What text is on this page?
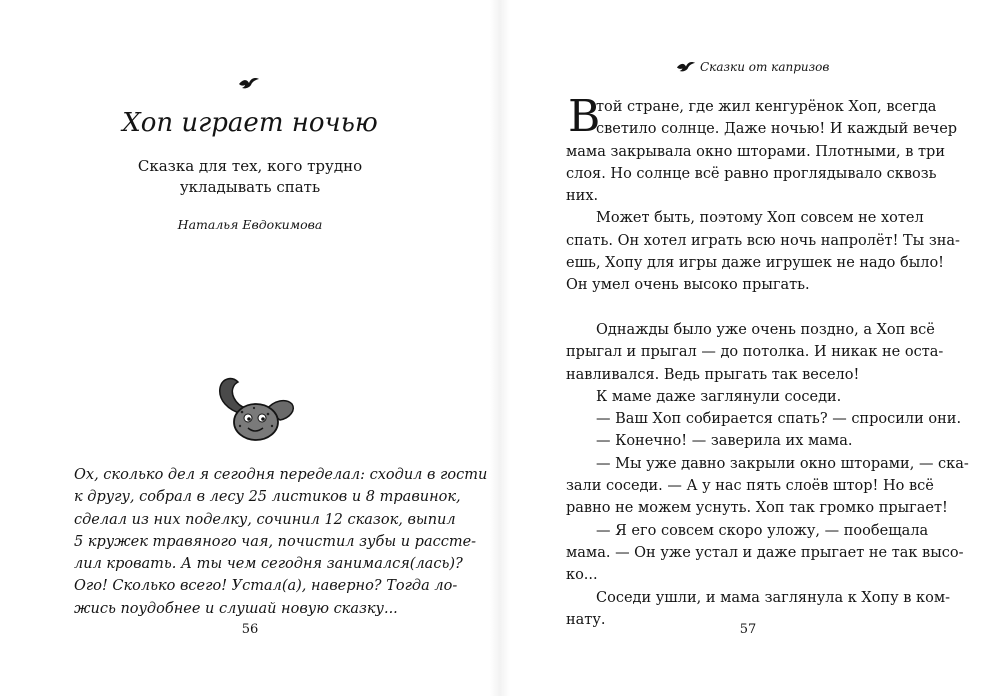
Хоп играет ночью

Сказка для тех, кого трудно
укладывать спать

Наталья Евдокимова

Ох, сколько дел я сегодня переделал: сходил в гости
к другу, собрал в лесу 25 листиков и 8 травинок,
сделал из них поделку, сочинил 12 сказок, выпил
5 кружек травяного чая, почистил зубы и рассте-
лил кровать. А ты чем сегодня занимался(лась)?
Ого! Сколько всего! Устал(а), наверно? Тогда ло-
жись поудобнее и слушай новую сказку...

56
Сказки от капризов
В
той стране, где жил кенгурёнок Хоп, всегда
светило солнце. Даже ночью! И каждый вечер
мама закрывала окно шторами. Плотными, в три
слоя. Но солнце всё равно проглядывало сквозь
них.
Может быть, поэтому Хоп совсем не хотел
спать. Он хотел играть всю ночь напролёт! Ты зна-
ешь, Хопу для игры даже игрушек не надо было!
Он умел очень высоко прыгать.
Однажды было уже очень поздно, а Хоп всё
прыгал и прыгал — до потолка. И никак не оста-
навливался. Ведь прыгать так весело!
К маме даже заглянули соседи.
— Ваш Хоп собирается спать? — спросили они.
— Конечно! — заверила их мама.
— Мы уже давно закрыли окно шторами, — ска-
зали соседи. — А у нас пять слоёв штор! Но всё
равно не можем уснуть. Хоп так громко прыгает!
— Я его совсем скоро уложу, — пообещала
мама. — Он уже устал и даже прыгает не так высо-
ко...
Соседи ушли, и мама заглянула к Хопу в ком-
нату.
57
